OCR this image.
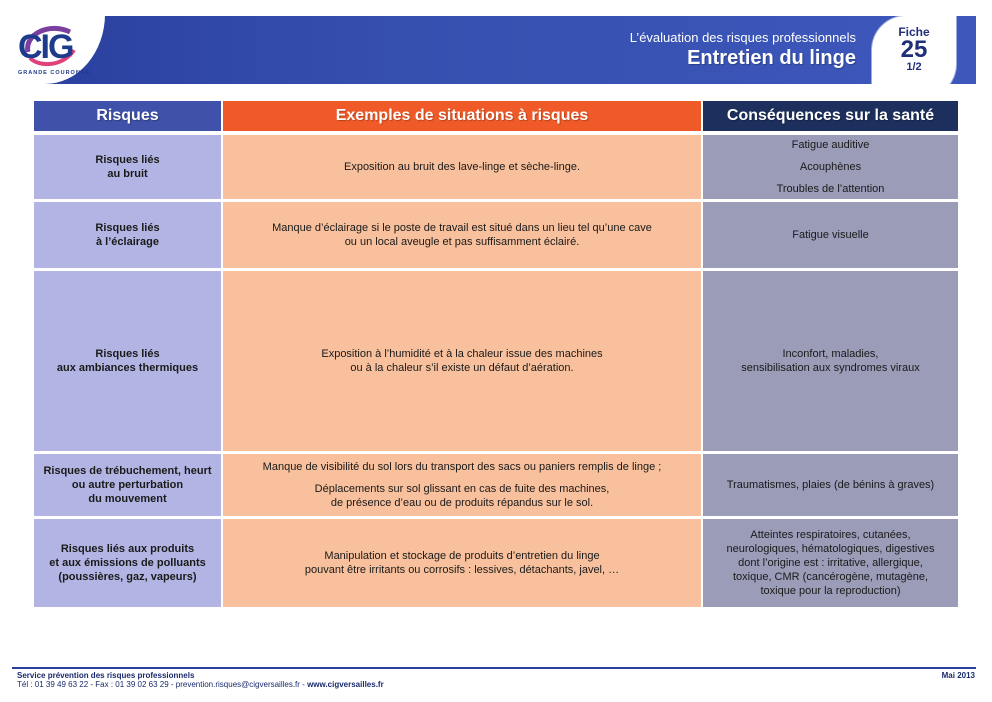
CIG
GRANDE COURONNE
L’évaluation des risques professionnels
Entretien du linge
Fiche
25
1/2
Risques	Exemples de situations à risques	Conséquences sur la santé
Risques liés
au bruit
Exposition au bruit des lave-linge et sèche-linge.
Fatigue auditive
Acouphènes
Troubles de l’attention
Risques liés
à l’éclairage
Manque d’éclairage si le poste de travail est situé dans un lieu tel qu’une cave
ou un local aveugle et pas suffisamment éclairé.
Fatigue visuelle
Risques liés
aux ambiances thermiques
Exposition à l’humidité et à la chaleur issue des machines
ou à la chaleur s’il existe un défaut d’aération.
Inconfort, maladies,
sensibilisation aux syndromes viraux
Risques de trébuchement, heurt
ou autre perturbation
du mouvement
Manque de visibilité du sol lors du transport des sacs ou paniers remplis de linge ;
Déplacements sur sol glissant en cas de fuite des machines,
de présence d’eau ou de produits répandus sur le sol.
Traumatismes, plaies (de bénins à graves)
Risques liés aux produits
et aux émissions de polluants
(poussières, gaz, vapeurs)
Manipulation et stockage de produits d’entretien du linge
pouvant être irritants ou corrosifs : lessives, détachants, javel, …
Atteintes respiratoires, cutanées,
neurologiques, hématologiques, digestives
dont l’origine est : irritative, allergique,
toxique, CMR (cancérogène, mutagène,
toxique pour la reproduction)
Service prévention des risques professionnels
Tél : 01 39 49 63 22 - Fax : 01 39 02 63 29 - prevention.risques@cigversailles.fr - www.cigversailles.fr
Mai 2013
